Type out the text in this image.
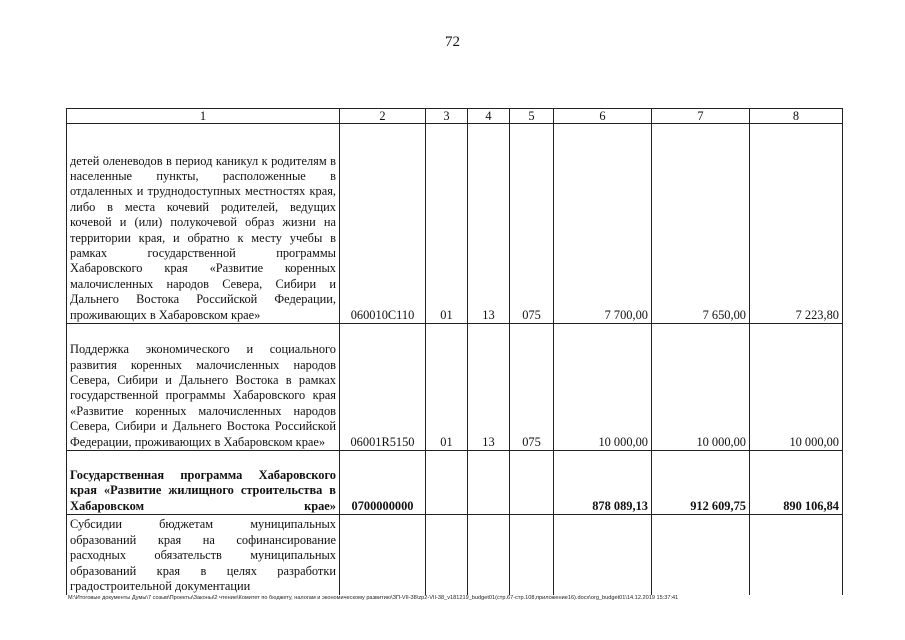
72
1	2	3	4	5	6	7	8
детей оленеводов в период каникул к родителям в населенные пункты, расположенные в отдаленных и труднодоступных местностях края, либо в места кочевий родителей, ведущих кочевой и (или) полукочевой образ жизни на территории края, и обратно к месту учебы в рамках государственной программы Хабаровского края «Развитие коренных малочисленных народов Севера, Сибири и Дальнего Востока Российской Федерации, проживающих в Хабаровском крае»	060010С110	01	13	075	7 700,00	7 650,00	7 223,80
Поддержка экономического и социального развития коренных малочисленных народов Севера, Сибири и Дальнего Востока в рамках государственной программы Хабаровского края «Развитие коренных малочисленных народов Севера, Сибири и Дальнего Востока Российской Федерации, проживающих в Хабаровском крае»	06001R5150	01	13	075	10 000,00	10 000,00	10 000,00
Государственная программа Хабаровского края «Развитие жилищного строительства в Хабаровском крае»	0700000000				878 089,13	912 609,75	890 106,84
Субсидии бюджетам муниципальных образований края на софинансирование расходных обязательств муниципальных образований края в целях разработки градостроительной документации							
M:\Итоговые документы Думы\7 созыв\Проекты\Законы\2 чтение\Комитет по бюджету, налогам и экономическому развитию\ЗП-VII-38\zp2-VII-38_v181219_budget01(стр.67-стр.108,приложение16).docx\org_budget01\14.12.2019 15:37:41
